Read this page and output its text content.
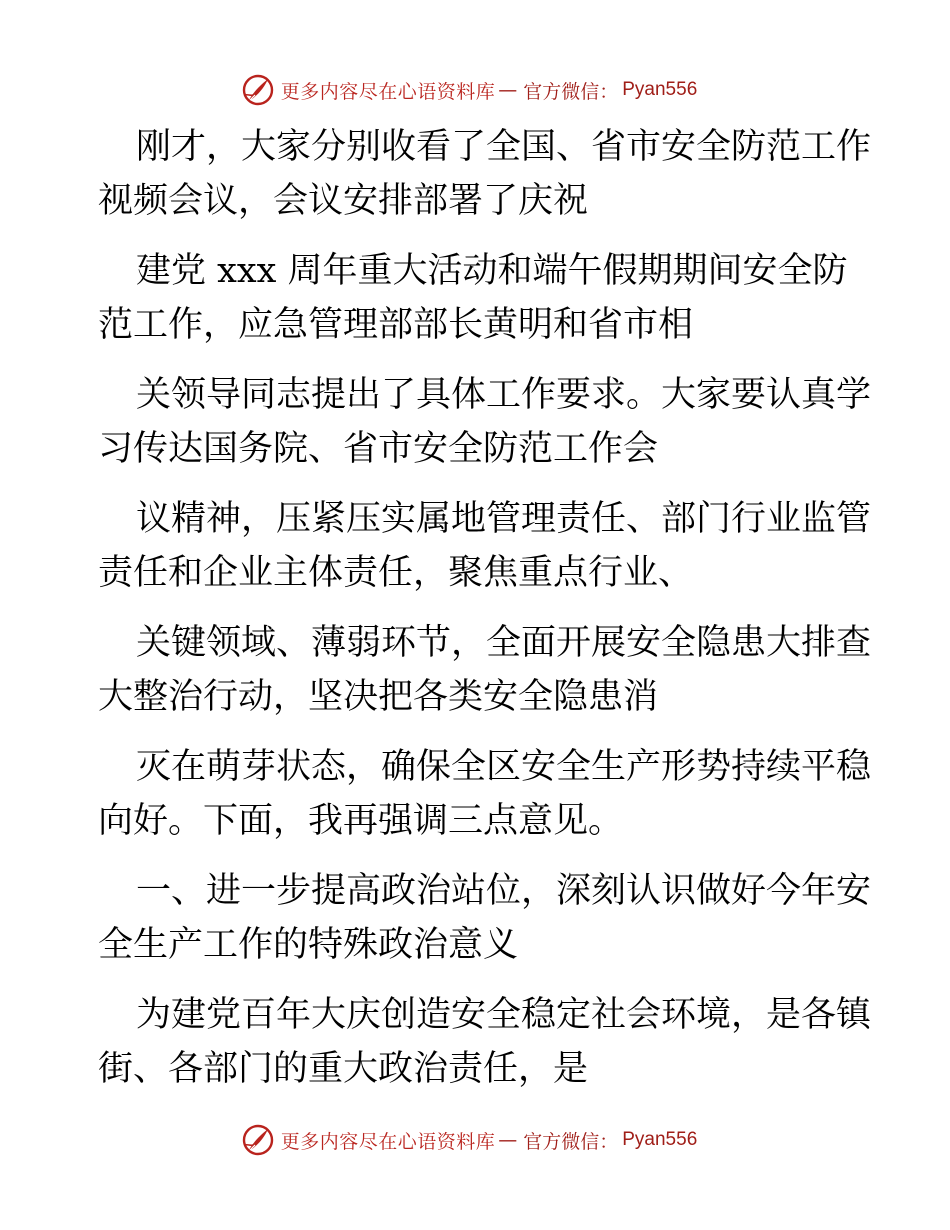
更多内容尽在心语资料库 — 官方微信： Pyan556

刚才，大家分别收看了全国、省市安全防范工作
视频会议，会议安排部署了庆祝

建党 xxx 周年重大活动和端午假期期间安全防
范工作，应急管理部部长黄明和省市相

关领导同志提出了具体工作要求。大家要认真学
习传达国务院、省市安全防范工作会

议精神，压紧压实属地管理责任、部门行业监管
责任和企业主体责任，聚焦重点行业、

关键领域、薄弱环节，全面开展安全隐患大排查
大整治行动，坚决把各类安全隐患消

灭在萌芽状态，确保全区安全生产形势持续平稳
向好。下面，我再强调三点意见。

一、进一步提高政治站位，深刻认识做好今年安
全生产工作的特殊政治意义

为建党百年大庆创造安全稳定社会环境，是各镇
街、各部门的重大政治责任，是

更多内容尽在心语资料库 — 官方微信： Pyan556
